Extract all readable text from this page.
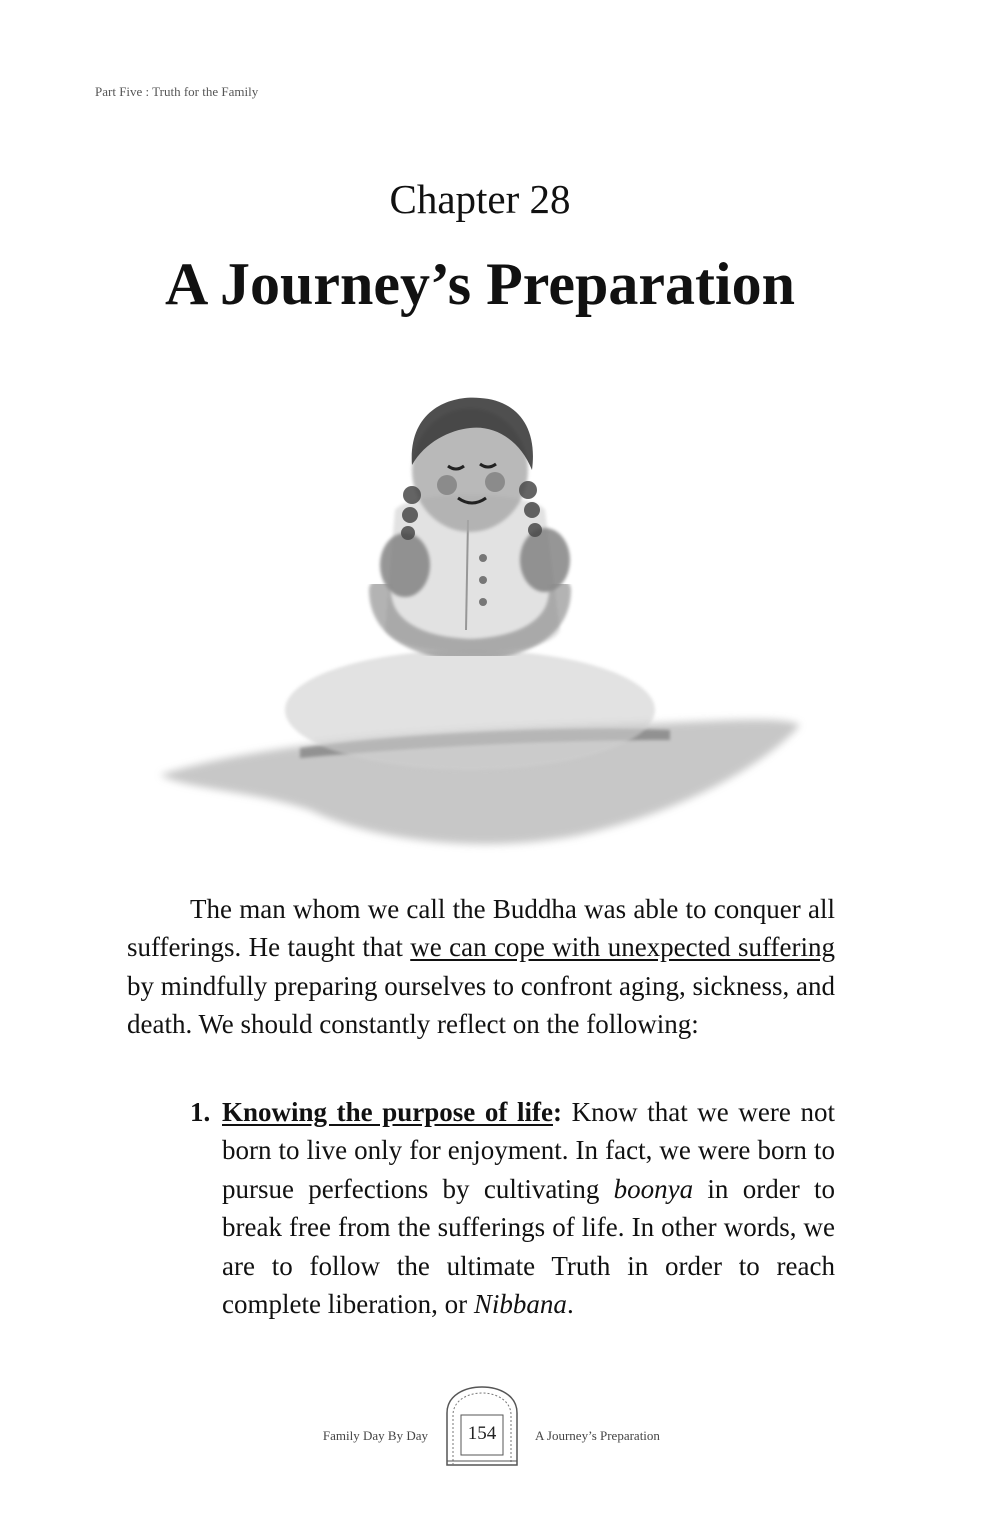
Part Five : Truth for the Family
Chapter 28
A Journey’s Preparation

The man whom we call the Buddha was able to conquer all sufferings. He taught that we can cope with unexpected suffering by mindfully preparing ourselves to confront aging, sickness, and death. We should constantly reflect on the following:

1. Knowing the purpose of life: Know that we were not born to live only for enjoyment. In fact, we were born to pursue perfections by cultivating boonya in order to break free from the sufferings of life. In other words, we are to follow the ultimate Truth in order to reach complete liberation, or Nibbana.
Family Day By Day	154	A Journey’s Preparation
